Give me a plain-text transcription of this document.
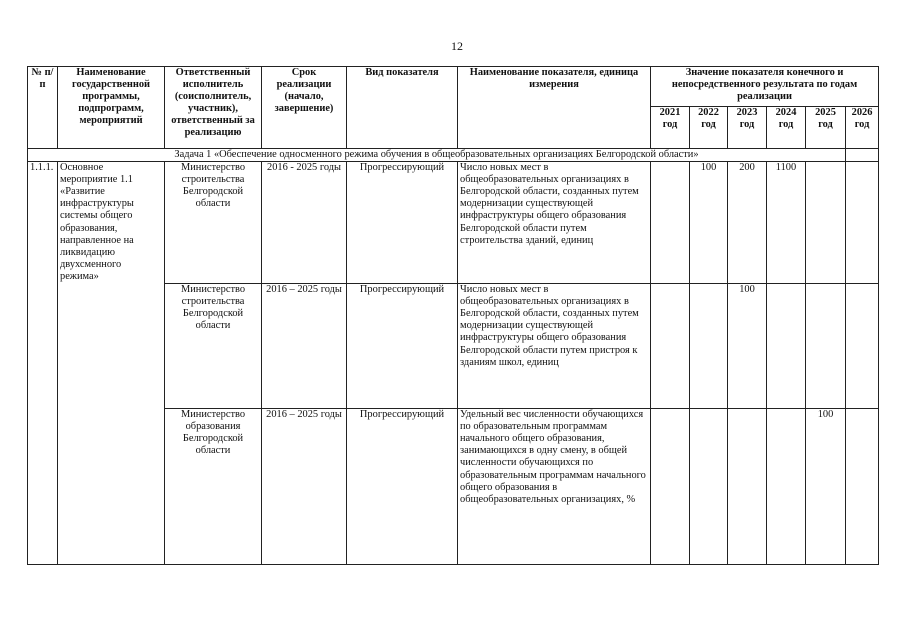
12
№ п/п	Наименование государственной программы, подпрограмм, мероприятий	Ответственный исполнитель (соисполнитель, участник), ответственный за реализацию	Срок реализации (начало, завершение)	Вид показателя	Наименование показателя, единица измерения	Значение показателя конечного и непосредственного результата по годам реализации					
						2021 год	2022 год	2023 год	2024 год	2025 год	2026 год
Задача 1 «Обеспечение односменного режима обучения в общеобразовательных организациях Белгородской области»											
1.1.1.	Основное мероприятие 1.1 «Развитие инфраструктуры системы общего образования, направленное на ликвидацию двухсменного режима»	Министерство строительства Белгородской области	2016 - 2025 годы	Прогрессирующий	Число новых мест в общеобразовательных организациях в Белгородской области, созданных путем модернизации существующей инфраструктуры общего образования Белгородской области путем строительства зданий, единиц		100	200	1100		
		Министерство строительства Белгородской области	2016 – 2025 годы	Прогрессирующий	Число новых мест в общеобразовательных организациях в Белгородской области, созданных путем модернизации существующей инфраструктуры общего образования Белгородской области путем пристроя к зданиям школ, единиц			100			
		Министерство образования Белгородской области	2016 – 2025 годы	Прогрессирующий	Удельный вес численности обучающихся по образовательным программам начального общего образования, занимающихся в одну смену, в общей численности обучающихся по образовательным программам начального общего образования в общеобразовательных организациях, %					100	
